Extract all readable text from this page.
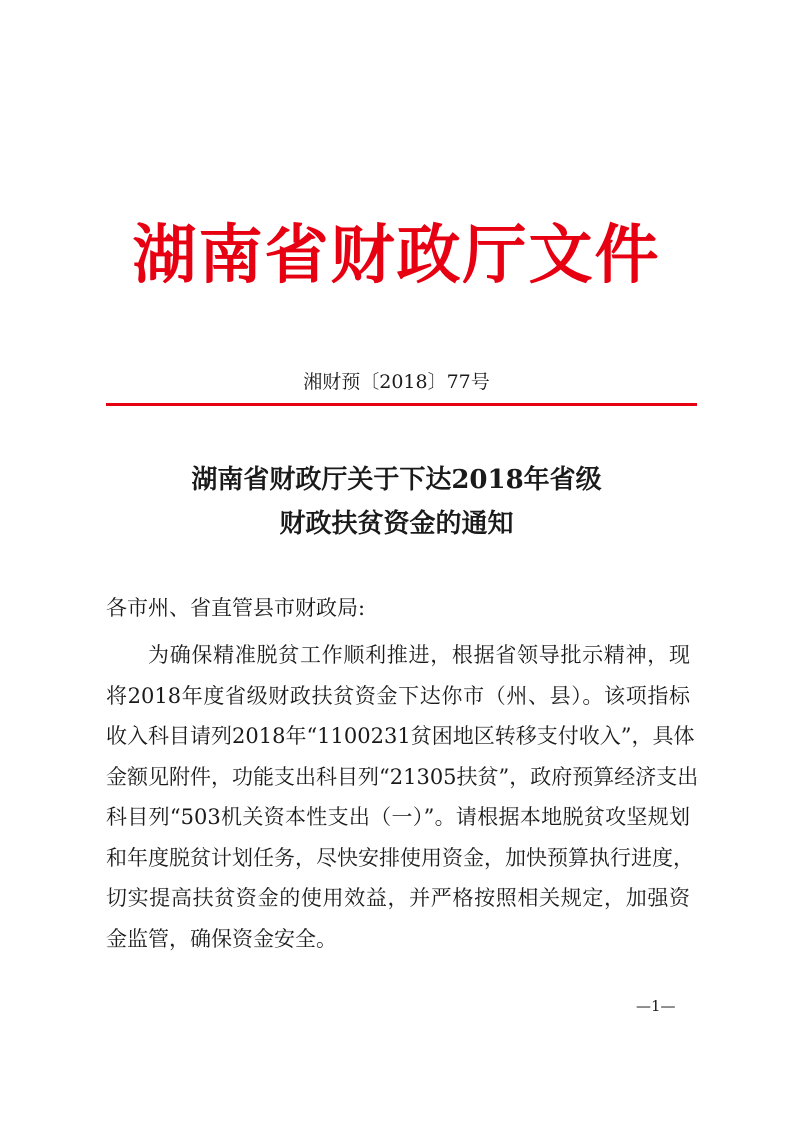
湖南省财政厅文件
湘财预〔2018〕77号
湖南省财政厅关于下达2018年省级
财政扶贫资金的通知
各市州、省直管县市财政局:
为确保精准脱贫工作顺利推进，根据省领导批示精神，现
将2018年度省级财政扶贫资金下达你市（州、县）。该项指标
收入科目请列2018年“1100231贫困地区转移支付收入”，具体
金额见附件，功能支出科目列“21305扶贫”，政府预算经济支出
科目列“503机关资本性支出（一）”。请根据本地脱贫攻坚规划
和年度脱贫计划任务，尽快安排使用资金，加快预算执行进度，
切实提高扶贫资金的使用效益，并严格按照相关规定，加强资
金监管，确保资金安全。
—1—
